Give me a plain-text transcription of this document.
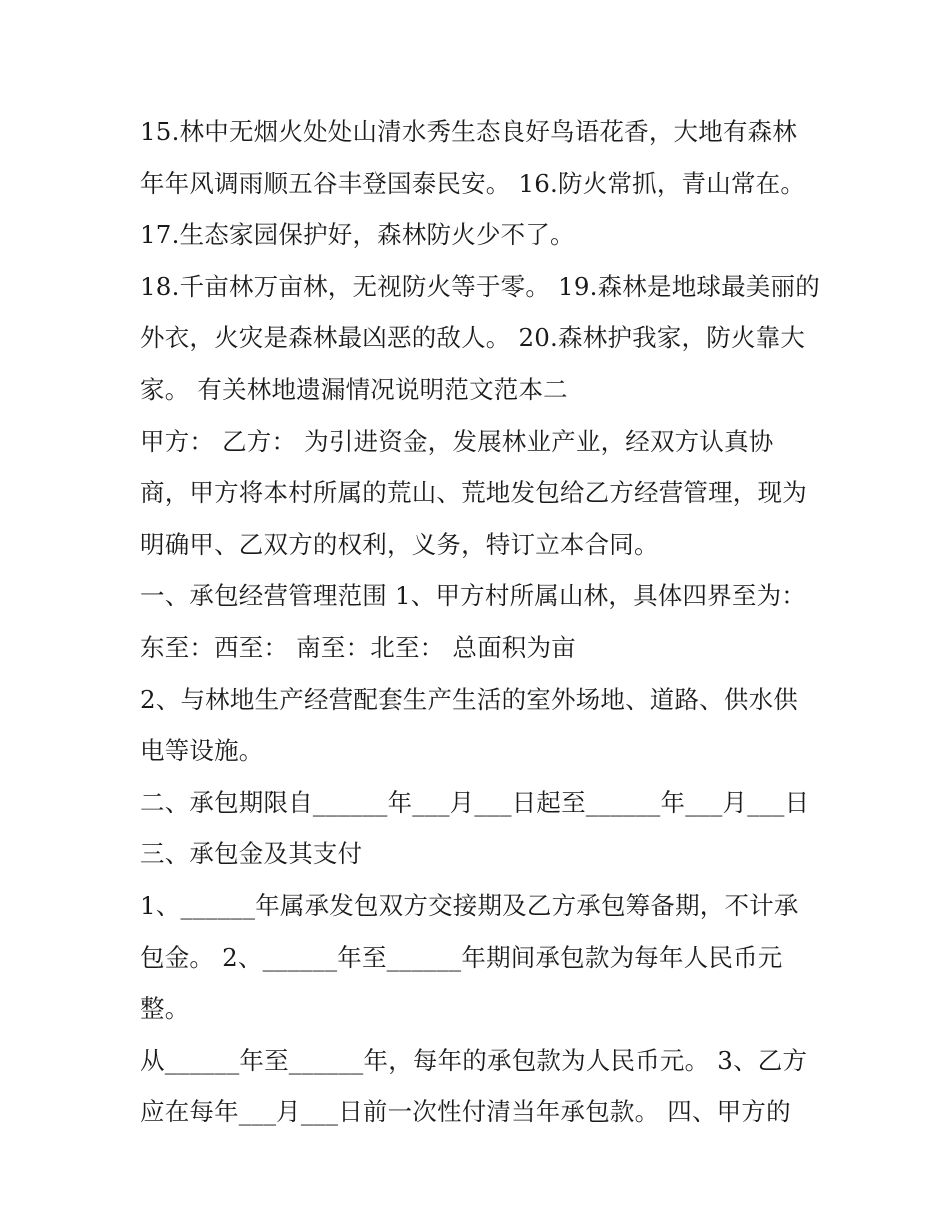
15.林中无烟火处处山清水秀生态良好鸟语花香，大地有森林
年年风调雨顺五谷丰登国泰民安。 16.防火常抓，青山常在。
17.生态家园保护好，森林防火少不了。
18.千亩林万亩林，无视防火等于零。 19.森林是地球最美丽的
外衣，火灾是森林最凶恶的敌人。 20.森林护我家，防火靠大
家。 有关林地遗漏情况说明范文范本二
甲方： 乙方： 为引进资金，发展林业产业，经双方认真协
商，甲方将本村所属的荒山、荒地发包给乙方经营管理，现为
明确甲、乙双方的权利，义务，特订立本合同。
一、承包经营管理范围 1、甲方村所属山林，具体四界至为：
东至：西至： 南至：北至： 总面积为亩
2、与林地生产经营配套生产生活的室外场地、道路、供水供
电等设施。
二、承包期限自______年___月___日起至______年___月___日
三、承包金及其支付
1、______年属承发包双方交接期及乙方承包筹备期，不计承
包金。 2、______年至______年期间承包款为每年人民币元
整。
从______年至______年，每年的承包款为人民币元。 3、乙方
应在每年___月___日前一次性付清当年承包款。 四、甲方的
